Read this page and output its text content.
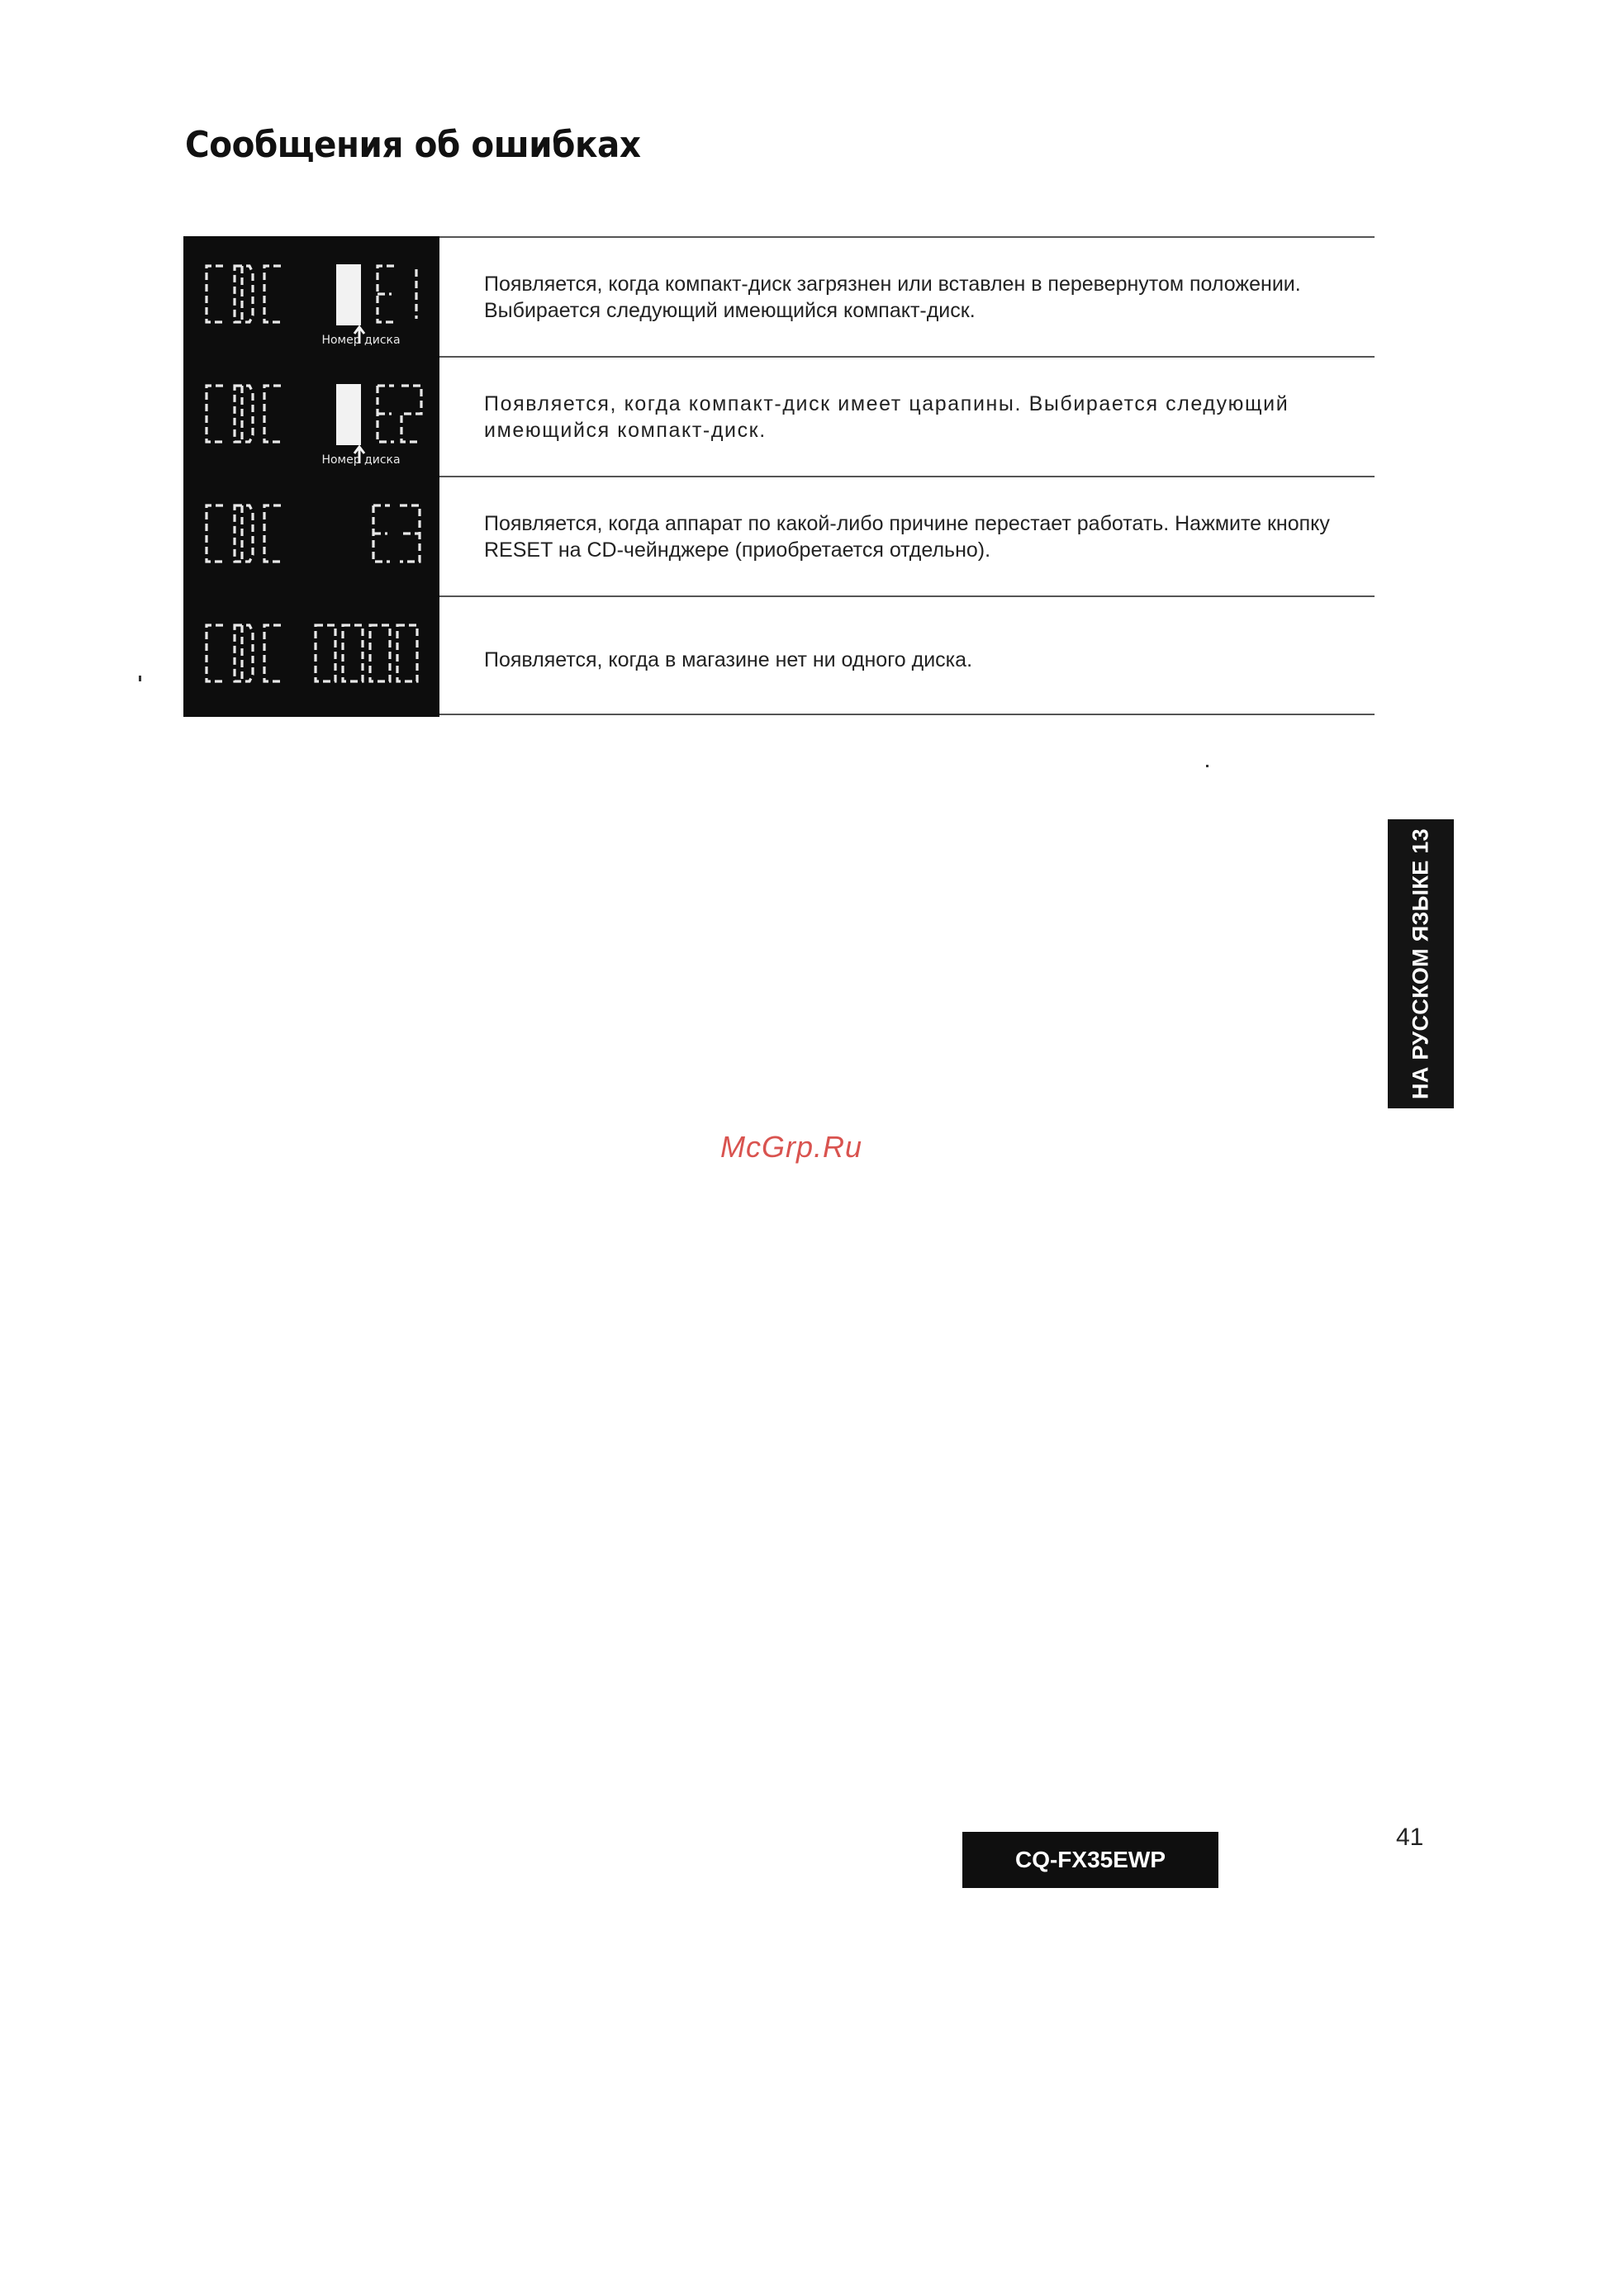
Сообщения об ошибках
Номер диска
Появляется, когда компакт-диск загрязнен или вставлен в перевернутом положении. Выбирается следующий имеющийся компакт-диск.
Номер диска
Появляется, когда компакт-диск имеет царапины. Выбирается следующий имеющийся компакт-диск.
Появляется, когда аппарат по какой-либо причине перестает работать. Нажмите кнопку RESET на CD-чейнджере (приобретается отдельно).
Появляется, когда в магазине нет ни одного диска.
НА РУССКОМ ЯЗЫКЕ 13
McGrp.Ru
CQ-FX35EWP
41
